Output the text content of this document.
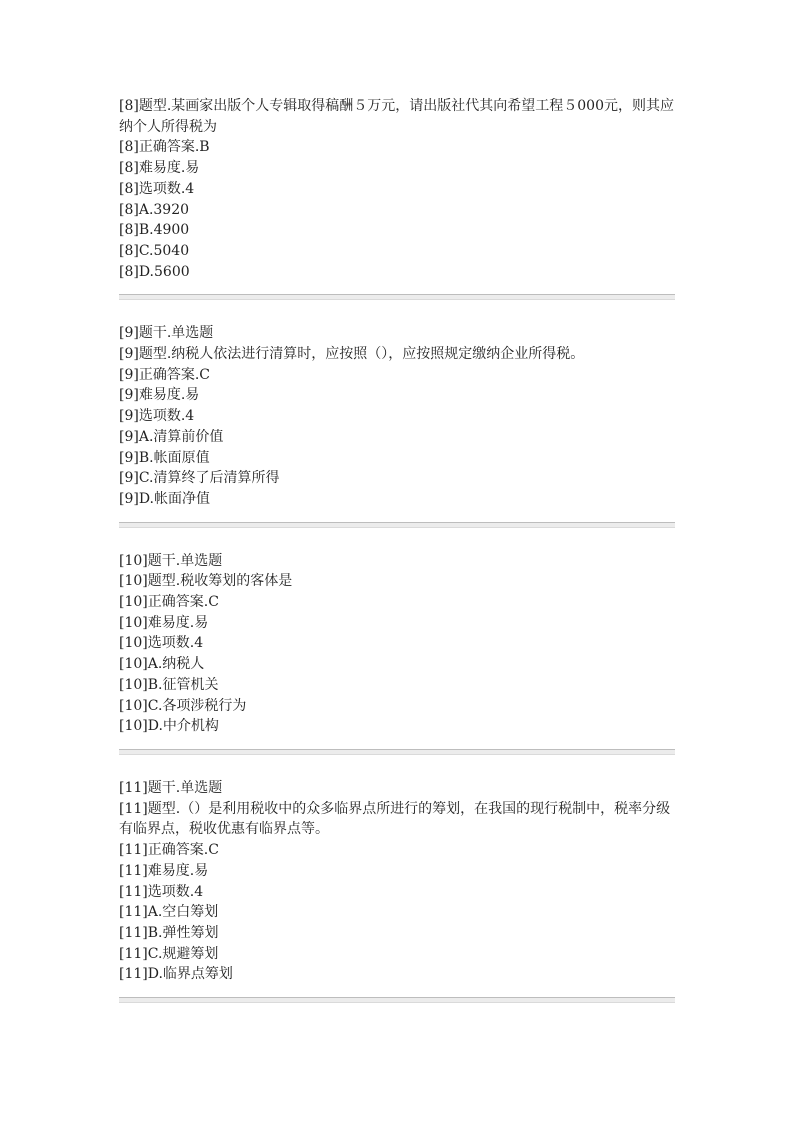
[8]题型.某画家出版个人专辑取得稿酬５万元，请出版社代其向希望工程５000元，则其应纳个人所得税为
[8]正确答案.B
[8]难易度.易
[8]选项数.4
[8]A.3920
[8]B.4900
[8]C.5040
[8]D.5600
[9]题干.单选题
[9]题型.纳税人依法进行清算时，应按照（），应按照规定缴纳企业所得税。
[9]正确答案.C
[9]难易度.易
[9]选项数.4
[9]A.清算前价值
[9]B.帐面原值
[9]C.清算终了后清算所得
[9]D.帐面净值
[10]题干.单选题
[10]题型.税收筹划的客体是
[10]正确答案.C
[10]难易度.易
[10]选项数.4
[10]A.纳税人
[10]B.征管机关
[10]C.各项涉税行为
[10]D.中介机构
[11]题干.单选题
[11]题型.（）是利用税收中的众多临界点所进行的筹划，在我国的现行税制中，税率分级有临界点，税收优惠有临界点等。
[11]正确答案.C
[11]难易度.易
[11]选项数.4
[11]A.空白筹划
[11]B.弹性筹划
[11]C.规避筹划
[11]D.临界点筹划
